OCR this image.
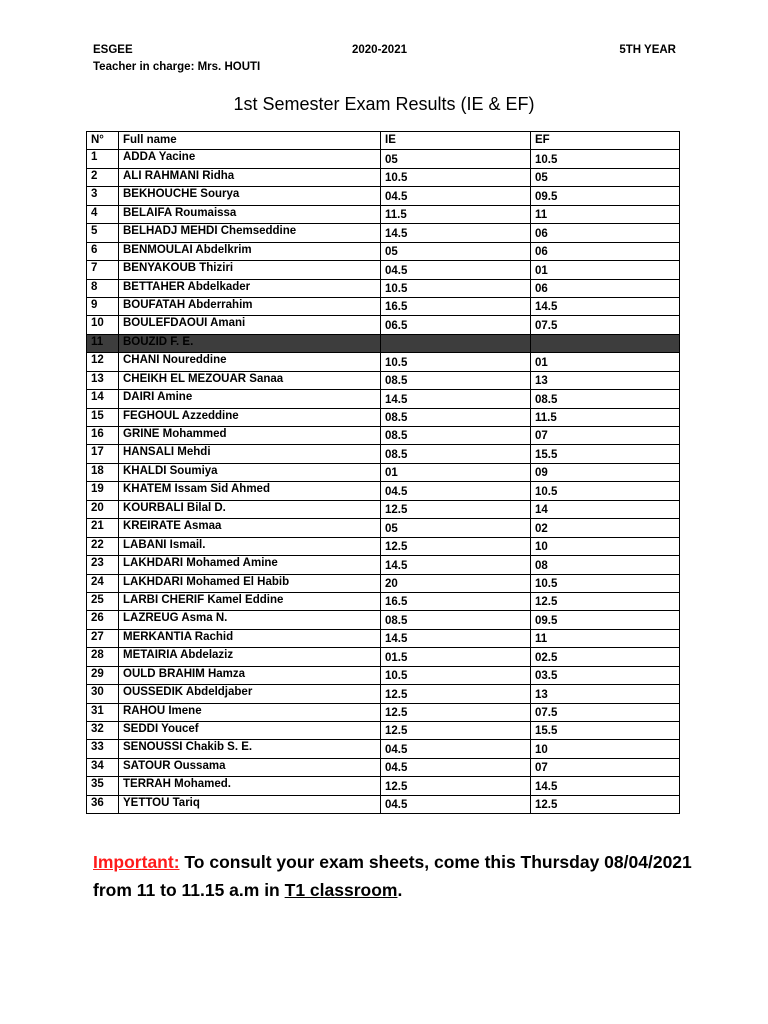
ESGEE	2020-2021	5TH YEAR
Teacher in charge: Mrs. HOUTI
1st Semester Exam Results (IE & EF)
N°	Full name	IE	EF
1	ADDA Yacine	05	10.5
2	ALI RAHMANI Ridha	10.5	05
3	BEKHOUCHE Sourya	04.5	09.5
4	BELAIFA Roumaissa	11.5	11
5	BELHADJ MEHDI Chemseddine	14.5	06
6	BENMOULAI Abdelkrim	05	06
7	BENYAKOUB Thiziri	04.5	01
8	BETTAHER Abdelkader	10.5	06
9	BOUFATAH Abderrahim	16.5	14.5
10	BOULEFDAOUI Amani	06.5	07.5
11	BOUZID F. E.		
12	CHANI Noureddine	10.5	01
13	CHEIKH EL MEZOUAR Sanaa	08.5	13
14	DAIRI Amine	14.5	08.5
15	FEGHOUL Azzeddine	08.5	11.5
16	GRINE Mohammed	08.5	07
17	HANSALI Mehdi	08.5	15.5
18	KHALDI Soumiya	01	09
19	KHATEM Issam Sid Ahmed	04.5	10.5
20	KOURBALI Bilal D.	12.5	14
21	KREIRATE Asmaa	05	02
22	LABANI Ismail.	12.5	10
23	LAKHDARI Mohamed Amine	14.5	08
24	LAKHDARI Mohamed El Habib	20	10.5
25	LARBI CHERIF Kamel Eddine	16.5	12.5
26	LAZREUG Asma N.	08.5	09.5
27	MERKANTIA Rachid	14.5	11
28	METAIRIA Abdelaziz	01.5	02.5
29	OULD BRAHIM Hamza	10.5	03.5
30	OUSSEDIK Abdeldjaber	12.5	13
31	RAHOU Imene	12.5	07.5
32	SEDDI Youcef	12.5	15.5
33	SENOUSSI Chakib S. E.	04.5	10
34	SATOUR Oussama	04.5	07
35	TERRAH Mohamed.	12.5	14.5
36	YETTOU Tariq	04.5	12.5
Important: To consult your exam sheets, come this Thursday 08/04/2021 from 11 to 11.15 a.m in T1 classroom.
